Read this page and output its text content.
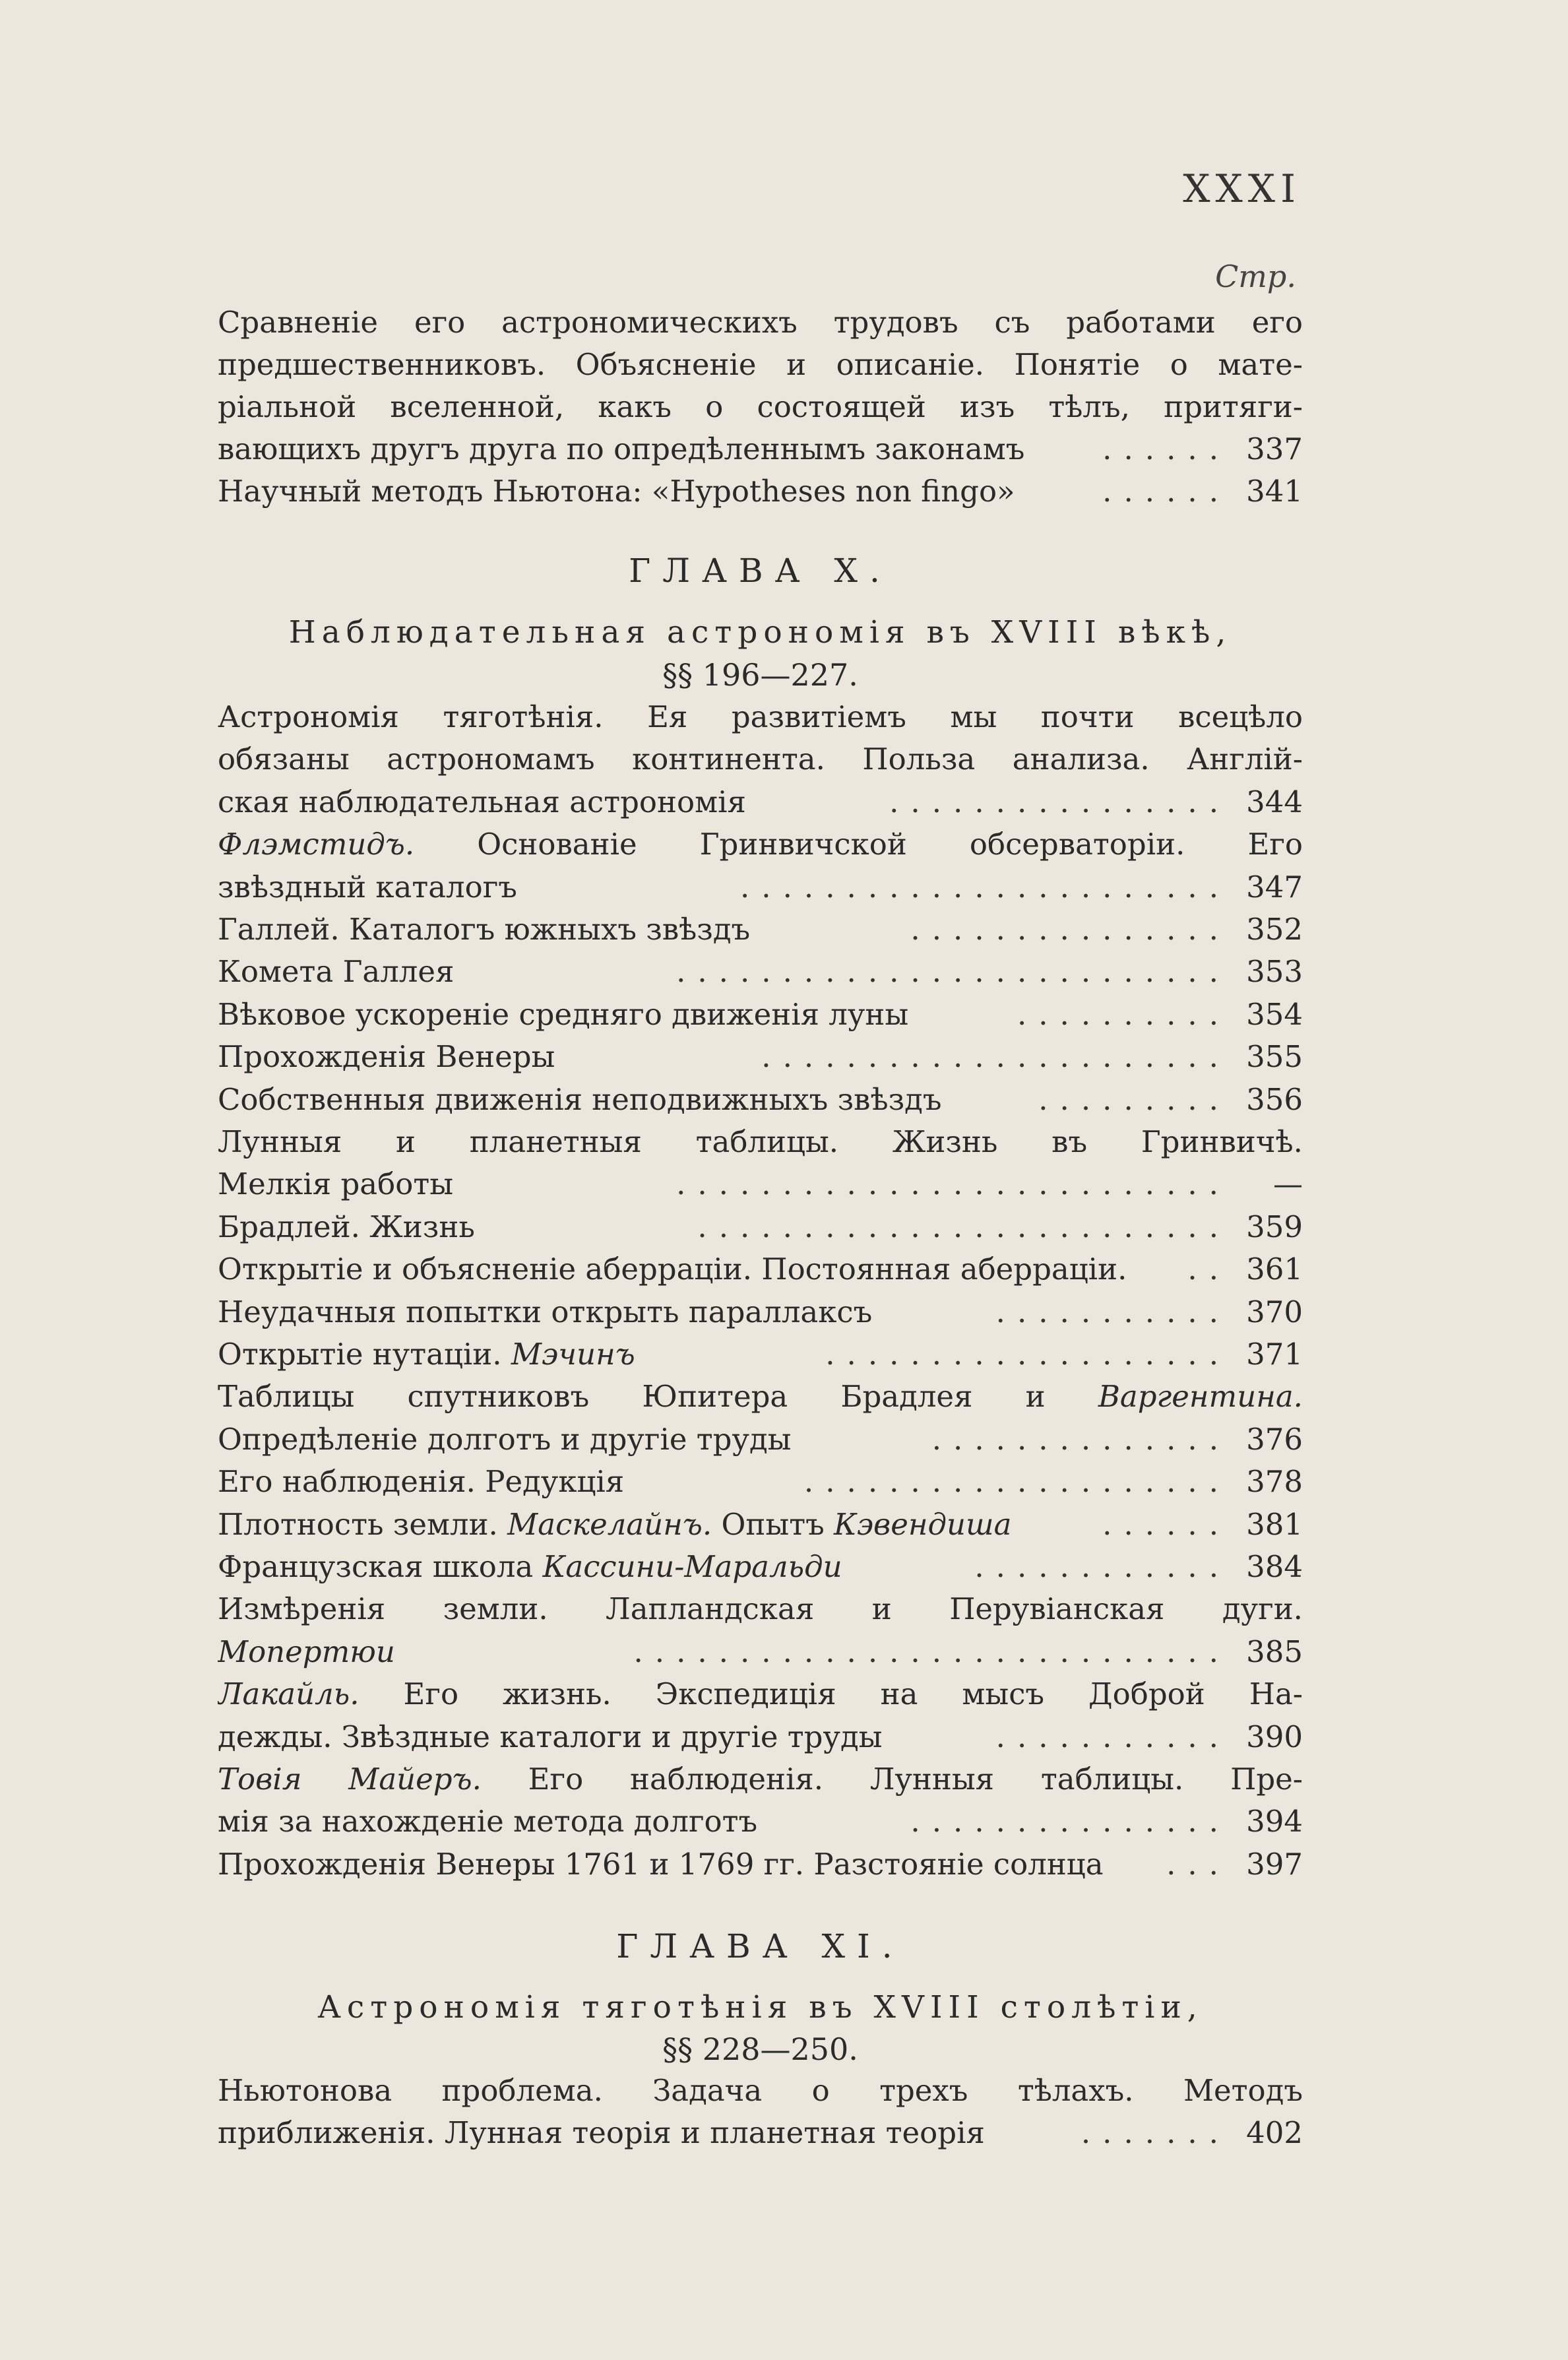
XXXI
Стр.
Сравненіе его астрономическихъ трудовъ съ работами его
предшественниковъ. Объясненіе и описаніе. Понятіе о мате-
ріальной вселенной, какъ о состоящей изъ тѣлъ, притяги-
вающихъ другъ друга по опредѣленнымъ законамъ	337
......
Научный методъ Ньютона: «Hypotheses non fingo»	341
......
ГЛАВА X.
Наблюдательная астрономія въ XVIII вѣкѣ,
§§ 196—227.
Астрономія тяготѣнія. Ея развитіемъ мы почти всецѣло
обязаны астрономамъ континента. Польза анализа. Англій-
ская наблюдательная астрономія	344
................
Флэмстидъ. Основаніе Гринвичской обсерваторіи. Его
звѣздный каталогъ	347
.......................
Галлей. Каталогъ южныхъ звѣздъ	352
...............
Комета Галлея	353
..........................
Вѣковое ускореніе средняго движенія луны	354
..........
Прохожденія Венеры	355
......................
Собственныя движенія неподвижныхъ звѣздъ	356
.........
Лунныя и планетныя таблицы. Жизнь въ Гринвичѣ.
Мелкія работы	—
..........................
Брадлей. Жизнь	359
.........................
Открытіе и объясненіе аберраціи. Постоянная аберраціи.	361
..
Неудачныя попытки открыть параллаксъ	370
...........
Открытіе нутаціи. Мэчинъ	371
...................
Таблицы спутниковъ Юпитера Брадлея и Варгентина.
Опредѣленіе долготъ и другіе труды	376
..............
Его наблюденія. Редукція	378
....................
Плотность земли. Маскелайнъ. Опытъ Кэвендиша	381
......
Французская школа Кассини-Маральди	384
............
Измѣренія земли. Лапландская и Перувіанская дуги.
Мопертюи	385
............................
Лакайль. Его жизнь. Экспедиція на мысъ Доброй На-
дежды. Звѣздные каталоги и другіе труды	390
...........
Товія Майеръ. Его наблюденія. Лунныя таблицы. Пре-
мія за нахожденіе метода долготъ	394
...............
Прохожденія Венеры 1761 и 1769 гг. Разстояніе солнца	397
...
ГЛАВА XI.
Астрономія тяготѣнія въ XVIII столѣтіи,
§§ 228—250.
Ньютонова проблема. Задача о трехъ тѣлахъ. Методъ
приближенія. Лунная теорія и планетная теорія	402
.......
